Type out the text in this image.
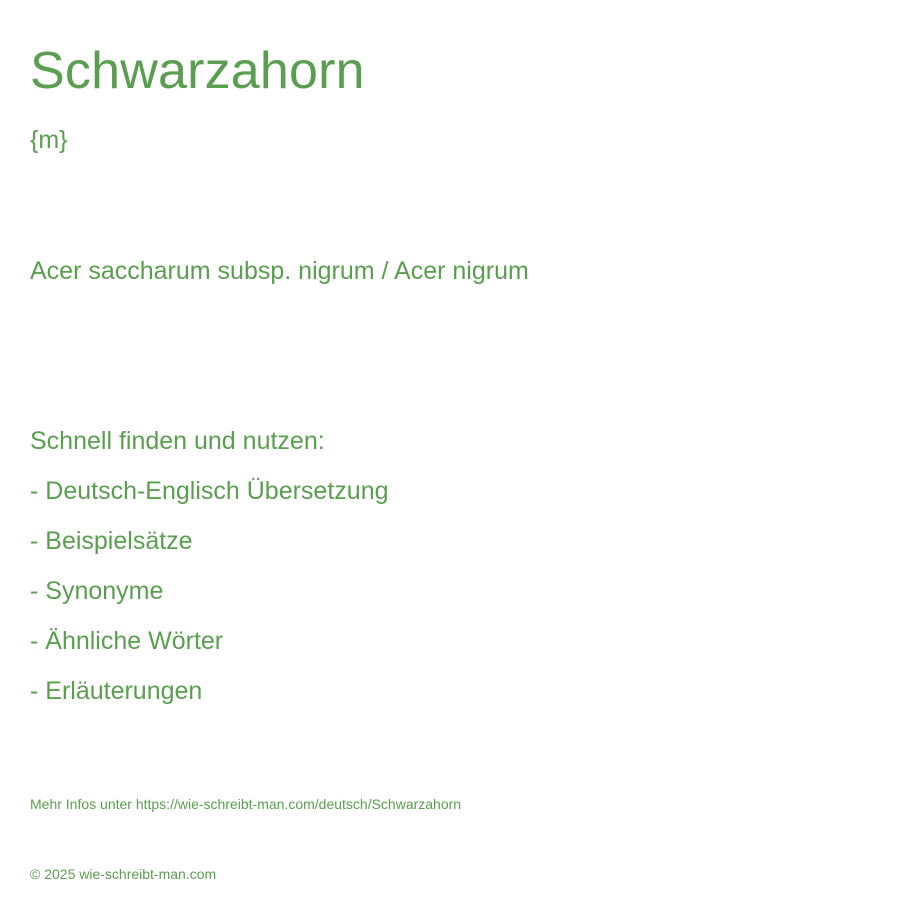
Schwarzahorn
{m}
Acer saccharum subsp. nigrum / Acer nigrum
Schnell finden und nutzen:
- Deutsch-Englisch Übersetzung
- Beispielsätze
- Synonyme
- Ähnliche Wörter
- Erläuterungen
Mehr Infos unter https://wie-schreibt-man.com/deutsch/Schwarzahorn
© 2025 wie-schreibt-man.com
